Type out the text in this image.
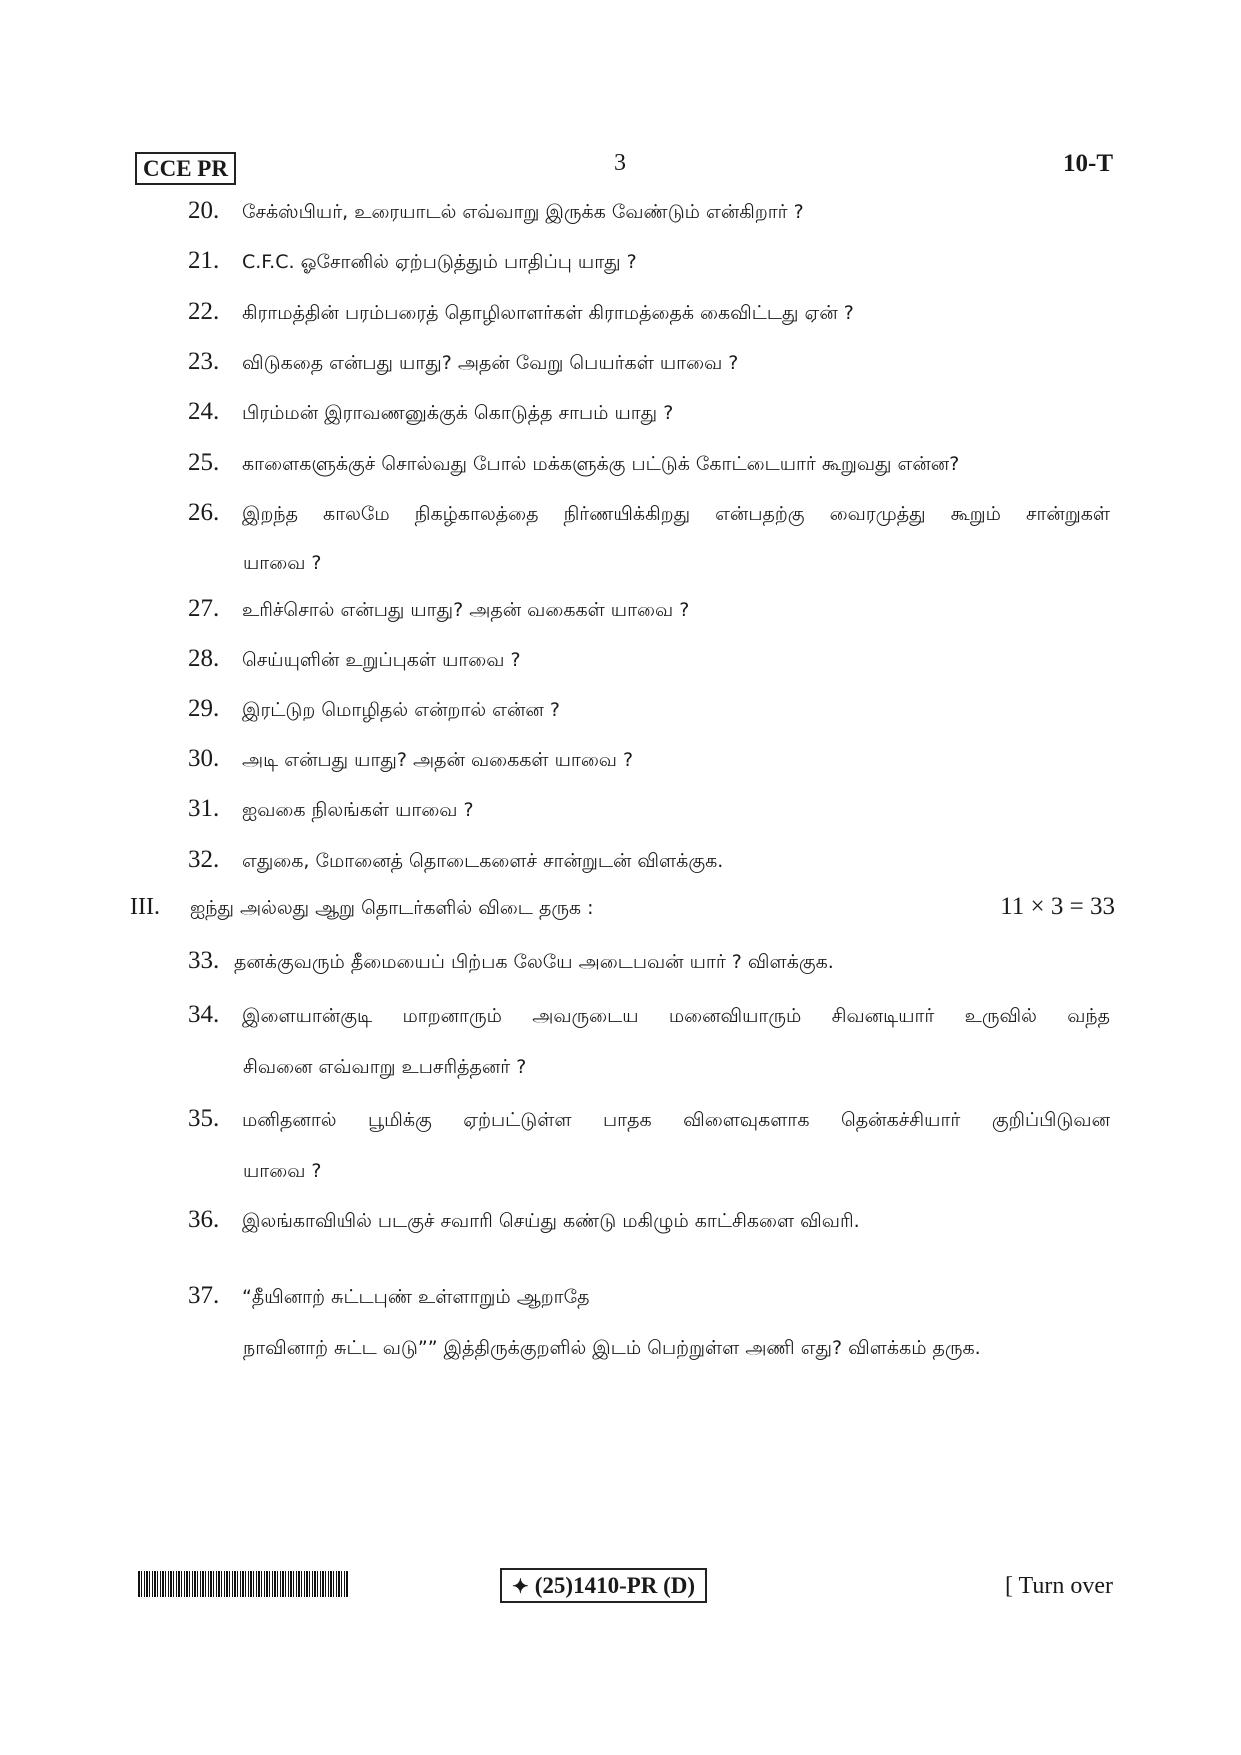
CCE PR	3	10-T
20. சேக்ஸ்பியர், உரையாடல் எவ்வாறு இருக்க வேண்டும் என்கிறார் ?
21. C.F.C. ஓசோனில் ஏற்படுத்தும் பாதிப்பு யாது ?
22. கிராமத்தின் பரம்பரைத் தொழிலாளர்கள் கிராமத்தைக் கைவிட்டது ஏன் ?
23. விடுகதை என்பது யாது? அதன் வேறு பெயர்கள் யாவை ?
24. பிரம்மன் இராவணனுக்குக் கொடுத்த சாபம் யாது ?
25. காளைகளுக்குச் சொல்வது போல் மக்களுக்கு பட்டுக் கோட்டையார் கூறுவது என்ன?
26. இறந்த காலமே நிகழ்காலத்தை நிர்ணயிக்கிறது என்பதற்கு வைரமுத்து கூறும் சான்றுகள்
யாவை ?
27. உரிச்சொல் என்பது யாது? அதன் வகைகள் யாவை ?
28. செய்யுளின் உறுப்புகள் யாவை ?
29. இரட்டுற மொழிதல் என்றால் என்ன ?
30. அடி என்பது யாது? அதன் வகைகள் யாவை ?
31. ஐவகை நிலங்கள் யாவை ?
32. எதுகை, மோனைத் தொடைகளைச் சான்றுடன் விளக்குக.
III. ஐந்து அல்லது ஆறு தொடர்களில் விடை தருக :	11 × 3 = 33
33. தனக்குவரும் தீமையைப் பிற்பக லேயே அடைபவன் யார் ? விளக்குக.
34. இளையான்குடி மாறனாரும் அவருடைய மனைவியாரும் சிவனடியார் உருவில் வந்த
சிவனை எவ்வாறு உபசரித்தனர் ?
35. மனிதனால் பூமிக்கு ஏற்பட்டுள்ள பாதக விளைவுகளாக தென்கச்சியார் குறிப்பிடுவன
யாவை ?
36. இலங்காவியில் படகுச் சவாரி செய்து கண்டு மகிழும் காட்சிகளை விவரி.
37. “தீயினாற் சுட்டபுண் உள்ளாறும் ஆறாதே
நாவினாற் சுட்ட வடு”” இத்திருக்குறளில் இடம் பெற்றுள்ள அணி எது? விளக்கம் தருக.
✦ (25)1410-PR (D)	[ Turn over
